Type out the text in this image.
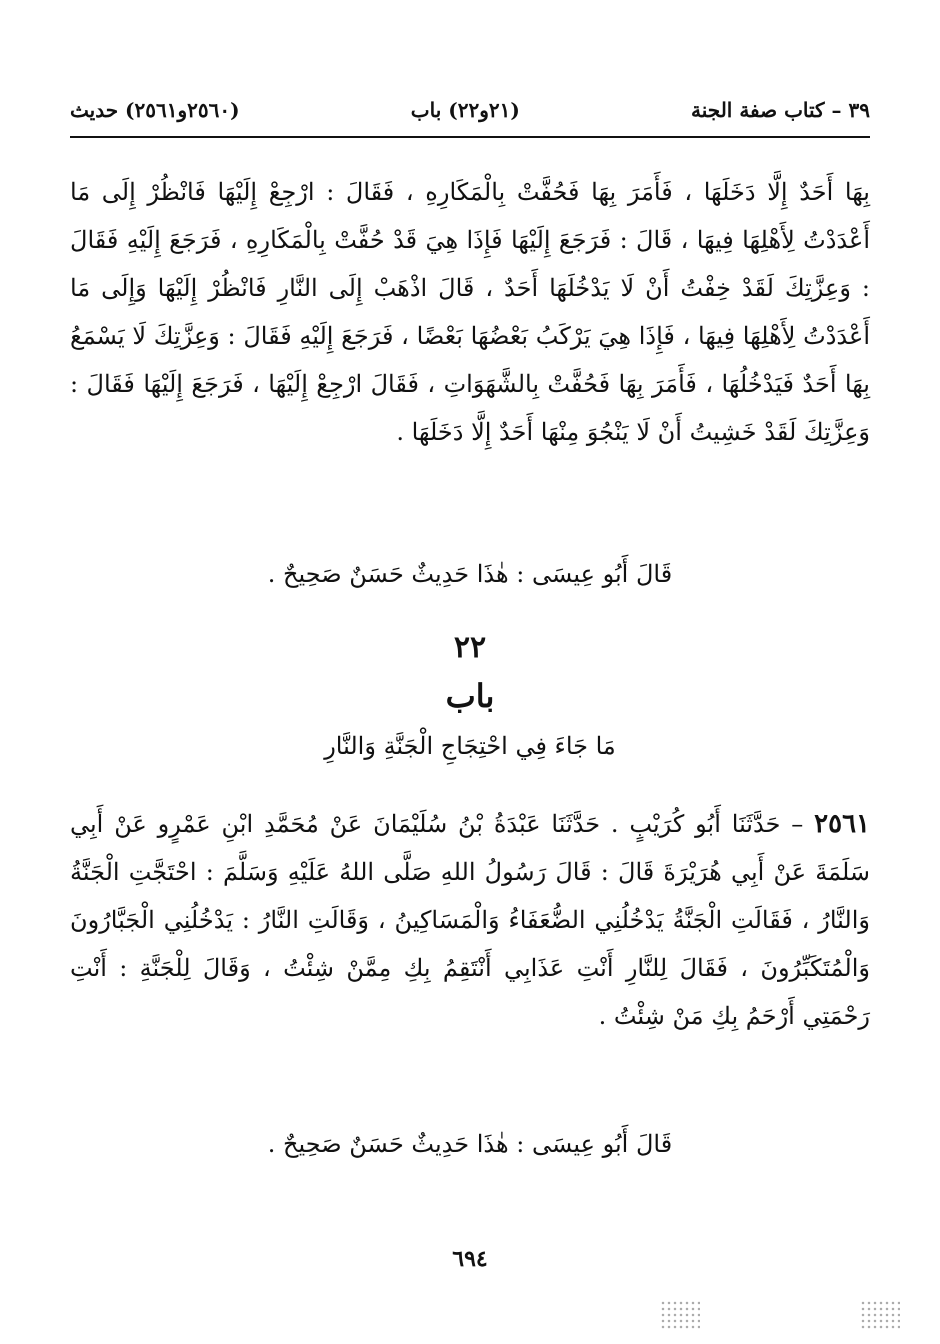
٣٩ – كتاب صفة الجنة
(٢١و٢٢) باب
(٢٥٦٠و٢٥٦١) حديث
بِهَا أَحَدٌ إِلَّا دَخَلَهَا ، فَأَمَرَ بِهَا فَحُفَّتْ بِالْمَكَارِهِ ، فَقَالَ : ارْجِعْ إِلَيْهَا فَانْظُرْ إِلَى مَا أَعْدَدْتُ لِأَهْلِهَا فِيهَا ، قَالَ : فَرَجَعَ إِلَيْهَا فَإِذَا هِيَ قَدْ حُفَّتْ بِالْمَكَارِهِ ، فَرَجَعَ إِلَيْهِ فَقَالَ : وَعِزَّتِكَ لَقَدْ خِفْتُ أَنْ لَا يَدْخُلَهَا أَحَدٌ ، قَالَ اذْهَبْ إِلَى النَّارِ فَانْظُرْ إِلَيْهَا وَإِلَى مَا أَعْدَدْتُ لِأَهْلِهَا فِيهَا ، فَإِذَا هِيَ يَرْكَبُ بَعْضُهَا بَعْضًا ، فَرَجَعَ إِلَيْهِ فَقَالَ : وَعِزَّتِكَ لَا يَسْمَعُ بِهَا أَحَدٌ فَيَدْخُلُهَا ، فَأَمَرَ بِهَا فَحُفَّتْ بِالشَّهَوَاتِ ، فَقَالَ ارْجِعْ إِلَيْهَا ، فَرَجَعَ إِلَيْهَا فَقَالَ : وَعِزَّتِكَ لَقَدْ خَشِيتُ أَنْ لَا يَنْجُوَ مِنْهَا أَحَدٌ إِلَّا دَخَلَهَا .
قَالَ أَبُو عِيسَى : هٰذَا حَدِيثٌ حَسَنٌ صَحِيحٌ .
٢٢
باب
مَا جَاءَ فِي احْتِجَاجِ الْجَنَّةِ وَالنَّارِ
٢٥٦١ – حَدَّثَنَا أَبُو كُرَيْبٍ . حَدَّثَنَا عَبْدَةُ بْنُ سُلَيْمَانَ عَنْ مُحَمَّدِ ابْنِ عَمْرٍو عَنْ أَبِي سَلَمَةَ عَنْ أَبِي هُرَيْرَةَ قَالَ : قَالَ رَسُولُ اللهِ صَلَّى اللهُ عَلَيْهِ وَسَلَّمَ : احْتَجَّتِ الْجَنَّةُ وَالنَّارُ ، فَقَالَتِ الْجَنَّةُ يَدْخُلُنِي الضُّعَفَاءُ وَالْمَسَاكِينُ ، وَقَالَتِ النَّارُ : يَدْخُلُنِي الْجَبَّارُونَ وَالْمُتَكَبِّرُونَ ، فَقَالَ لِلنَّارِ أَنْتِ عَذَابِي أَنْتَقِمُ بِكِ مِمَّنْ شِئْتُ ، وَقَالَ لِلْجَنَّةِ : أَنْتِ رَحْمَتِي أَرْحَمُ بِكِ مَنْ شِئْتُ .
قَالَ أَبُو عِيسَى : هٰذَا حَدِيثٌ حَسَنٌ صَحِيحٌ .
٦٩٤
